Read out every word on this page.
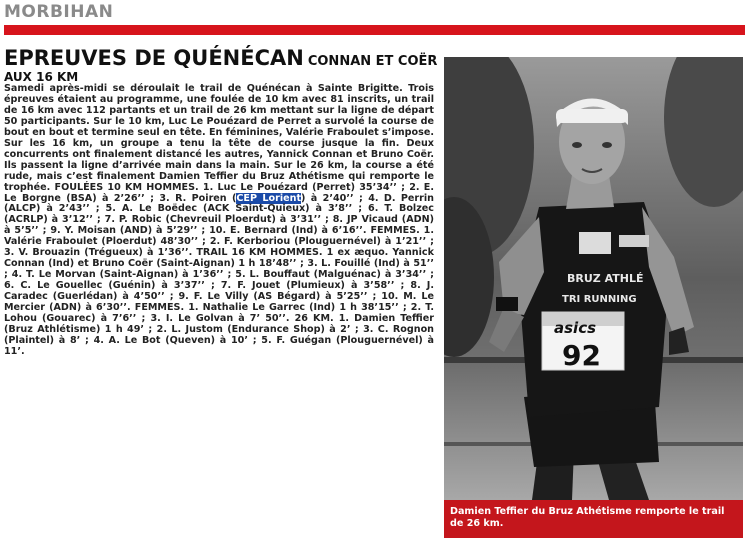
MORBIHAN
EPREUVES DE QUÉNÉCAN CONNAN ET COËR
AUX 16 KM

Samedi après-midi se déroulait le trail de Quénécan à Sainte Brigitte. Trois épreuves étaient au programme, une foulée de 10 km avec 81 inscrits, un trail de 16 km avec 112 partants et un trail de 26 km mettant sur la ligne de départ 50 participants. Sur le 10 km, Luc Le Pouézard de Perret a survolé la course de bout en bout et termine seul en tête. En féminines, Valérie Fraboulet s’impose. Sur les 16 km, un groupe a tenu la tête de course jusque la fin. Deux concurrents ont finalement distancé les autres, Yannick Connan et Bruno Coër. Ils passent la ligne d’arrivée main dans la main. Sur le 26 km, la course a été rude, mais c’est finalement Damien Teffier du Bruz Athétisme qui remporte le trophée. FOULÉES 10 KM HOMMES. 1. Luc Le Pouézard (Perret) 35’34’’ ; 2. E. Le Borgne (BSA) à 2’26’’ ; 3. R. Poiren (CEP Lorient) à 2’40’’ ; 4. D. Perrin (ALCP) à 2’43’’ ; 5. A. Le Boëdec (ACK Saint-Quieux) à 3’8’’ ; 6. T. Bolzec (ACRLP) à 3’12’’ ; 7. P. Robic (Chevreuil Ploerdut) à 3’31’’ ; 8. JP Vicaud (ADN) à 5’5’’ ; 9. Y. Moisan (AND) à 5’29’’ ; 10. E. Bernard (Ind) à 6’16’’. FEMMES. 1. Valérie Fraboulet (Ploerdut) 48’30’’ ; 2. F. Kerboriou (Plouguernével) à 1’21’’ ; 3. V. Brouazin (Trégueux) à 1’36’’. TRAIL 16 KM HOMMES. 1 ex æquo. Yannick Connan (Ind) et Bruno Coër (Saint-Aignan) 1 h 18’48’’ ; 3. L. Fouillé (Ind) à 51’’ ; 4. T. Le Morvan (Saint-Aignan) à 1’36’’ ; 5. L. Bouffaut (Malguénac) à 3’34’’ ; 6. C. Le Gouellec (Guénin) à 3’37’’ ; 7. F. Jouet (Plumieux) à 3’58’’ ; 8. J. Caradec (Guerlédan) à 4’50’’ ; 9. F. Le Villy (AS Bégard) à 5’25’’ ; 10. M. Le Mercier (ADN) à 6’30’’. FEMMES. 1. Nathalie Le Garrec (Ind) 1 h 38’15’’ ; 2. T. Lohou (Gouarec) à 7’6’’ ; 3. I. Le Golvan à 7’ 50’’. 26 KM. 1. Damien Teffier (Bruz Athlétisme) 1 h 49’ ; 2. L. Justom (Endurance Shop) à 2’ ; 3. C. Rognon (Plaintel) à 8’ ; 4. A. Le Bot (Queven) à 10’ ; 5. F. Guégan (Plouguernével) à 11’.

BRUZ ATHLÉ
TRI RUNNING
asics
92
Damien Teffier du Bruz Athétisme remporte le trail
de 26 km.
